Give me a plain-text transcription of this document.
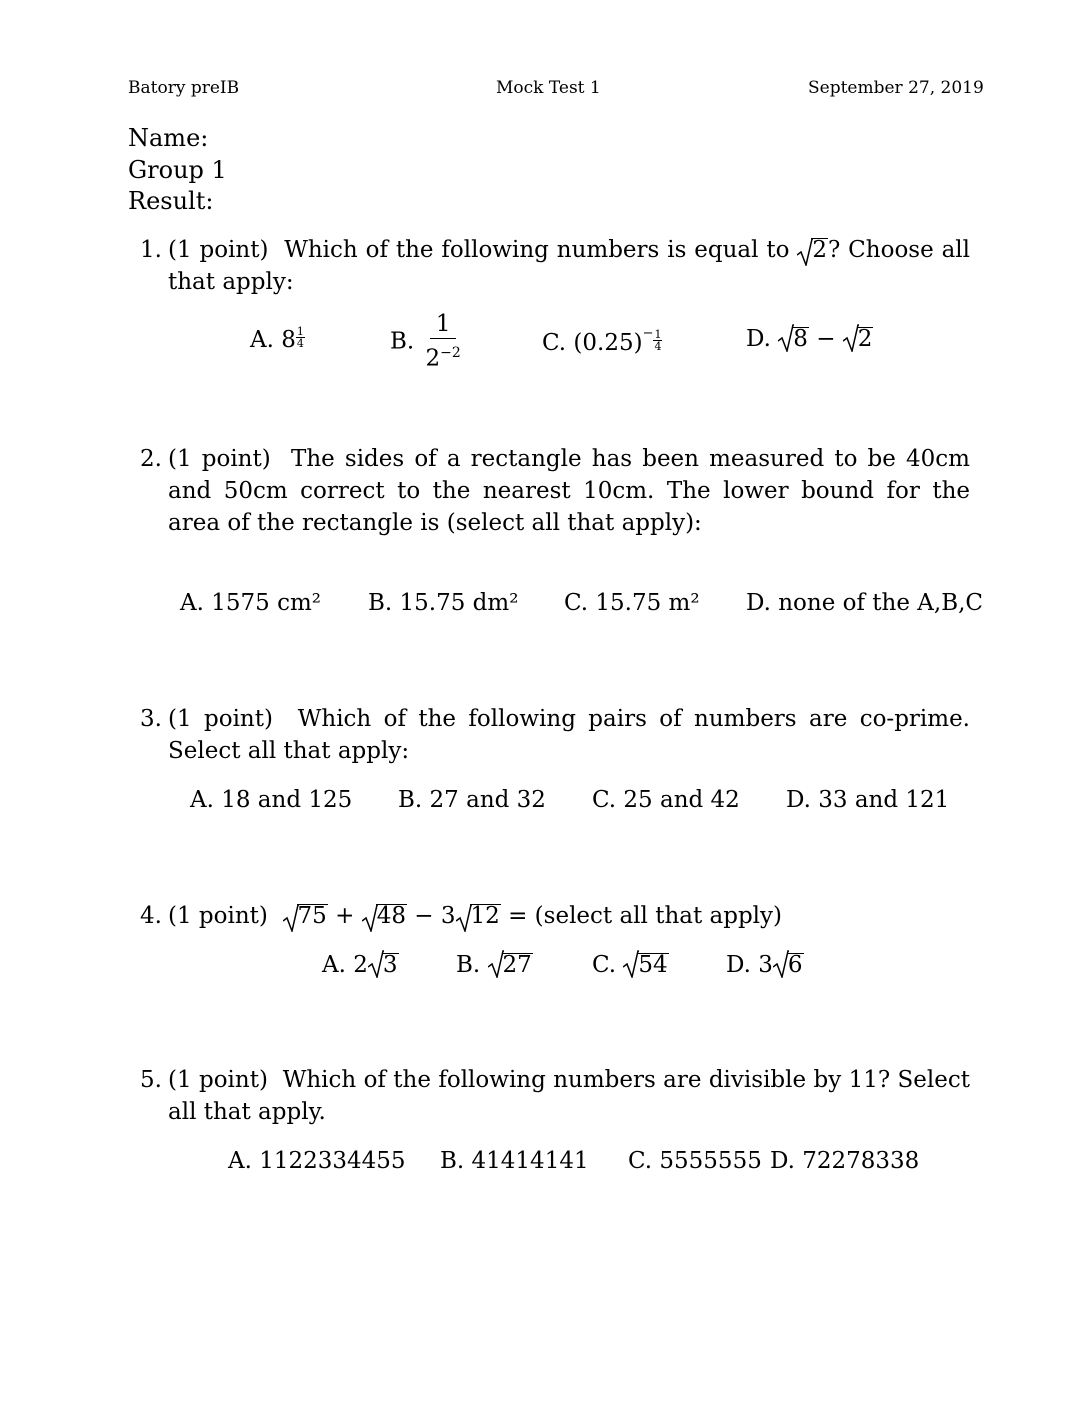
Batory preIB	Mock Test 1	September 27, 2019
Name:
Group 1
Result:
1. (1 point) Which of the following numbers is equal to 2? Choose all that apply:
A. $8 \frac{1}{4}$	B. $\frac{1}{2^{-2}}$	C. $(0.25)^- \frac{1}{4}$	D. 8 − 2
2. (1 point) The sides of a rectangle has been measured to be 40cm and 50cm correct to the nearest 10cm. The lower bound for the area of the rectangle is (select all that apply):
A. 1575 cm² B. 15.75 dm² C. 15.75 m² D. none of the A,B,C
3. (1 point) Which of the following pairs of numbers are co-prime. Select all that apply:
A. 18 and 125 B. 27 and 32 C. 25 and 42 D. 33 and 121
4. (1 point) 75 + 48 − 3 12 = (select all that apply)
A. 2 3	B. 27	C. 54	D. 3 6
5. (1 point) Which of the following numbers are divisible by 11? Select all that apply.
A. 1122334455 B. 41414141 C. 5555555 D. 72278338
